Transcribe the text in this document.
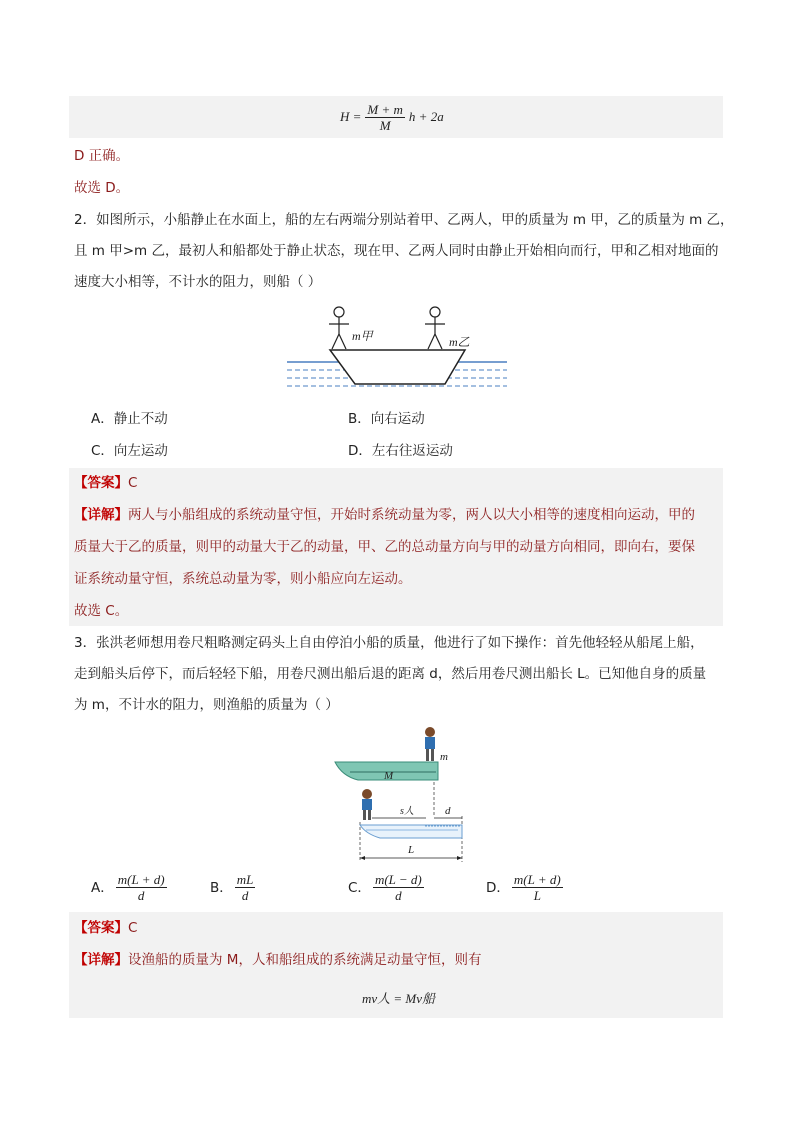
$H = \frac{M + m}{M}$ h + 2a
D 正确。
故选 D。
2．如图所示，小船静止在水面上，船的左右两端分别站着甲、乙两人，甲的质量为 m 甲，乙的质量为 m 乙，
且 m 甲>m 乙，最初人和船都处于静止状态，现在甲、乙两人同时由静止开始相向而行，甲和乙相对地面的
速度大小相等，不计水的阻力，则船（ ）
m甲	m乙
A．静止不动	B．向右运动
C．向左运动	D．左右往返运动
【答案】C
【详解】两人与小船组成的系统动量守恒，开始时系统动量为零，两人以大小相等的速度相向运动，甲的
质量大于乙的质量，则甲的动量大于乙的动量，甲、乙的总动量方向与甲的动量方向相同，即向右，要保
证系统动量守恒，系统总动量为零，则小船应向左运动。
故选 C。
3．张洪老师想用卷尺粗略测定码头上自由停泊小船的质量，他进行了如下操作：首先他轻轻从船尾上船，
走到船头后停下，而后轻轻下船，用卷尺测出船后退的距离 d，然后用卷尺测出船长 L。已知他自身的质量
为 m，不计水的阻力，则渔船的质量为（ ）
M
m
s人	d
L
A． $\frac{m(L + d)}{d}$	B． $\frac{mL}{d}$	C． $\frac{m(L - d)}{d}$	D． $\frac{m(L + d)}{L}$
【答案】C
【详解】设渔船的质量为 M，人和船组成的系统满足动量守恒，则有
mv人 = Mv船
